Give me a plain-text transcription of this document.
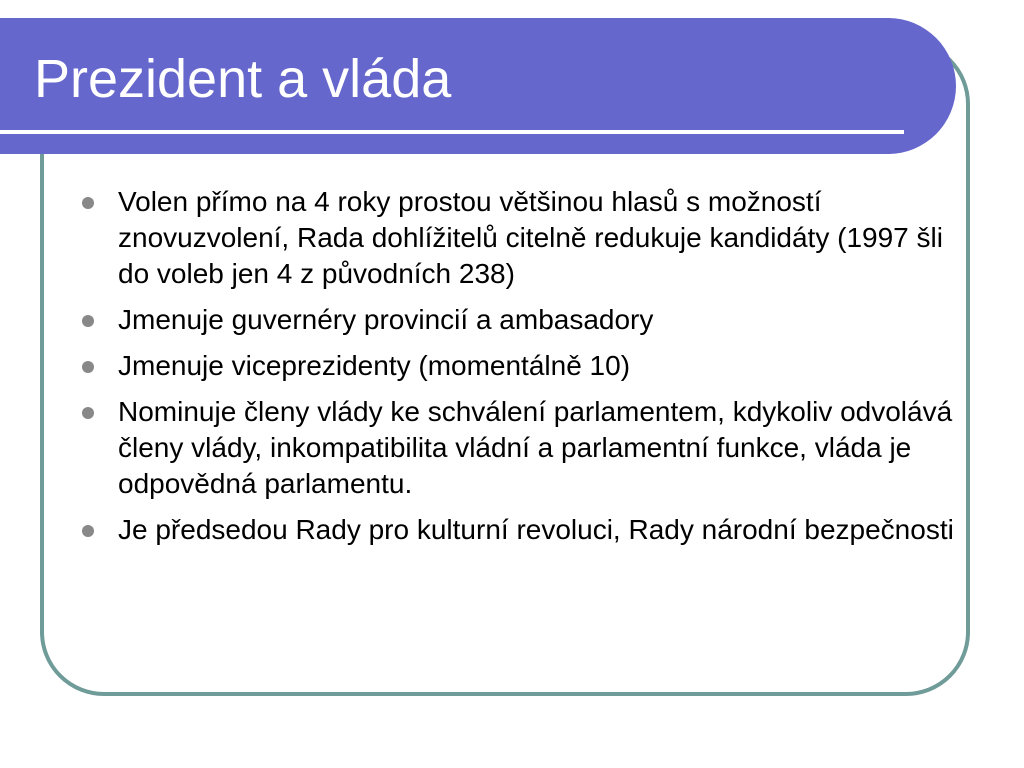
Prezident a vláda
Volen přímo na 4 roky prostou většinou hlasů s možností znovuzvolení, Rada dohlížitelů citelně redukuje kandidáty (1997 šli do voleb jen 4 z původních 238)
Jmenuje guvernéry provincií a ambasadory
Jmenuje viceprezidenty (momentálně 10)
Nominuje členy vlády ke schválení parlamentem, kdykoliv odvolává členy vlády, inkompatibilita vládní a parlamentní funkce, vláda je odpovědná parlamentu.
Je předsedou Rady pro kulturní revoluci, Rady národní bezpečnosti
